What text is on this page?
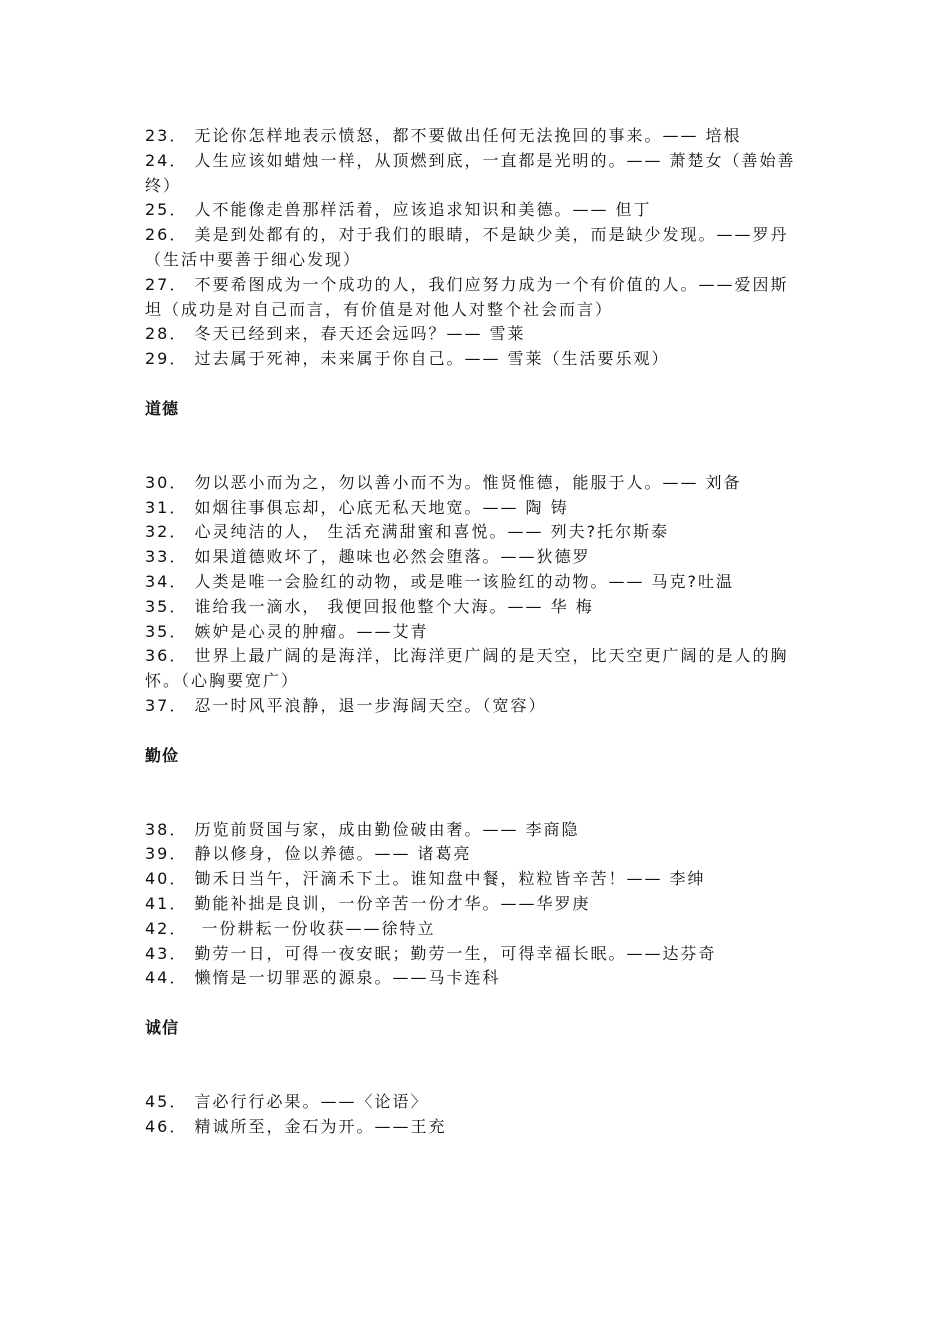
23． 无论你怎样地表示愤怒，都不要做出任何无法挽回的事来。—— 培根

24． 人生应该如蜡烛一样，从顶燃到底，一直都是光明的。—— 萧楚女（善始善终）

25． 人不能像走兽那样活着，应该追求知识和美德。—— 但丁

26． 美是到处都有的，对于我们的眼睛，不是缺少美，而是缺少发现。——罗丹（生活中要善于细心发现）

27． 不要希图成为一个成功的人，我们应努力成为一个有价值的人。——爱因斯坦（成功是对自己而言，有价值是对他人对整个社会而言）

28． 冬天已经到来，春天还会远吗？—— 雪莱

29． 过去属于死神，未来属于你自己。—— 雪莱（生活要乐观）

道德

30． 勿以恶小而为之，勿以善小而不为。惟贤惟德，能服于人。—— 刘备

31． 如烟往事俱忘却，心底无私天地宽。—— 陶 铸

32． 心灵纯洁的人， 生活充满甜蜜和喜悦。—— 列夫?托尔斯泰

33． 如果道德败坏了，趣味也必然会堕落。——狄德罗

34． 人类是唯一会脸红的动物，或是唯一该脸红的动物。—— 马克?吐温

35． 谁给我一滴水， 我便回报他整个大海。—— 华 梅

35． 嫉妒是心灵的肿瘤。——艾青

36． 世界上最广阔的是海洋，比海洋更广阔的是天空，比天空更广阔的是人的胸怀。（心胸要宽广）

37． 忍一时风平浪静，退一步海阔天空。（宽容）

勤俭

38． 历览前贤国与家，成由勤俭破由奢。—— 李商隐

39． 静以修身，俭以养德。—— 诸葛亮

40． 锄禾日当午，汗滴禾下土。谁知盘中餐，粒粒皆辛苦！—— 李绅

41． 勤能补拙是良训，一份辛苦一份才华。——华罗庚

42．  一份耕耘一份收获——徐特立

43． 勤劳一日，可得一夜安眠；勤劳一生，可得幸福长眠。——达芬奇

44． 懒惰是一切罪恶的源泉。——马卡连科

诚信

45． 言必行行必果。——〈论语〉

46． 精诚所至，金石为开。——王充
